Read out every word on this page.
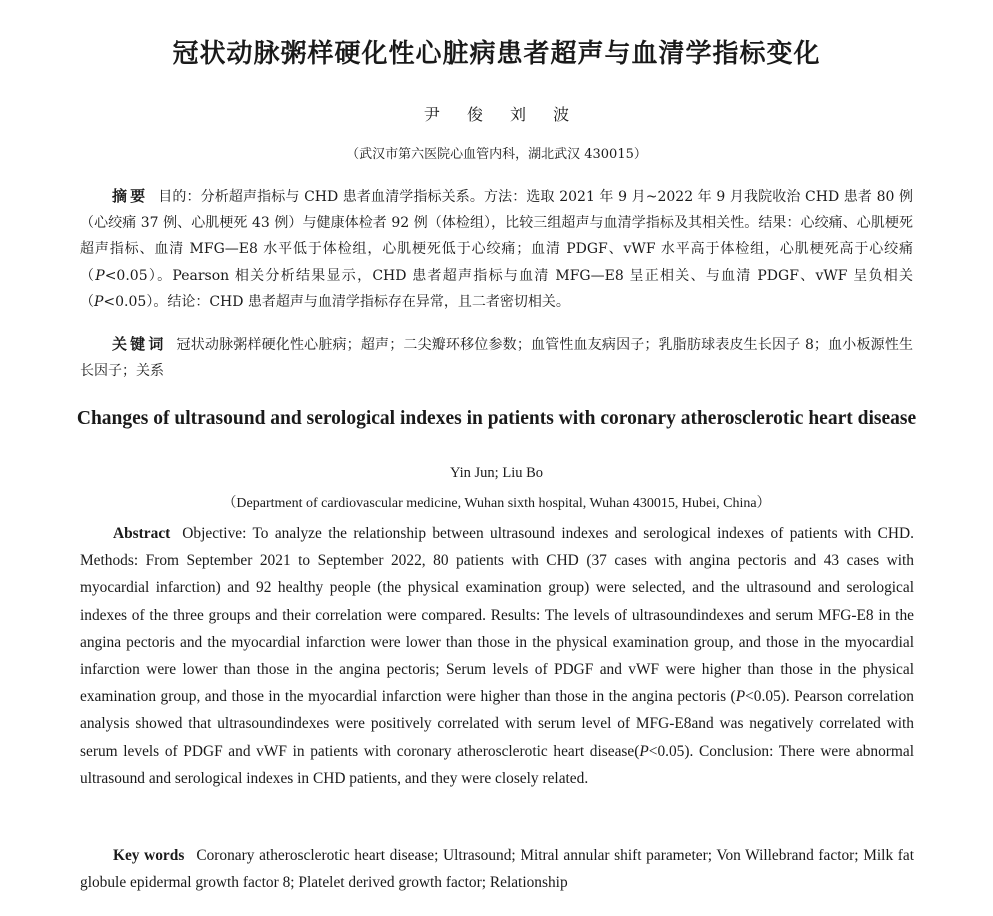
冠状动脉粥样硬化性心脏病患者超声与血清学指标变化
尹 俊 刘 波
（武汉市第六医院心血管内科，湖北武汉 430015）

摘要 目的：分析超声指标与 CHD 患者血清学指标关系。方法：选取 2021 年 9 月~2022 年 9 月我院收治 CHD 患者 80 例（心绞痛 37 例、心肌梗死 43 例）与健康体检者 92 例（体检组），比较三组超声与血清学指标及其相关性。结果：心绞痛、心肌梗死超声指标、血清 MFG—E8 水平低于体检组，心肌梗死低于心绞痛；血清 PDGF、vWF 水平高于体检组，心肌梗死高于心绞痛（P<0.05）。Pearson 相关分析结果显示，CHD 患者超声指标与血清 MFG—E8 呈正相关、与血清 PDGF、vWF 呈负相关（P<0.05）。结论：CHD 患者超声与血清学指标存在异常，且二者密切相关。

关键词 冠状动脉粥样硬化性心脏病；超声；二尖瓣环移位参数；血管性血友病因子；乳脂肪球表皮生长因子 8；血小板源性生长因子；关系

Changes of ultrasound and serological indexes in patients with coronary atherosclerotic heart disease
Yin Jun; Liu Bo
（Department of cardiovascular medicine, Wuhan sixth hospital, Wuhan 430015, Hubei, China）

Abstract Objective: To analyze the relationship between ultrasound indexes and serological indexes of patients with CHD. Methods: From September 2021 to September 2022, 80 patients with CHD (37 cases with angina pectoris and 43 cases with myocardial infarction) and 92 healthy people (the physical examination group) were selected, and the ultrasound and serological indexes of the three groups and their correlation were compared. Results: The levels of ultrasoundindexes and serum MFG-E8 in the angina pectoris and the myocardial infarction were lower than those in the physical examination group, and those in the myocardial infarction were lower than those in the angina pectoris; Serum levels of PDGF and vWF were higher than those in the physical examination group, and those in the myocardial infarction were higher than those in the angina pectoris (P<0.05). Pearson correlation analysis showed that ultrasoundindexes were positively correlated with serum level of MFG-E8and was negatively correlated with serum levels of PDGF and vWF in patients with coronary atherosclerotic heart disease(P<0.05). Conclusion: There were abnormal ultrasound and serological indexes in CHD patients, and they were closely related.

Key words Coronary atherosclerotic heart disease; Ultrasound; Mitral annular shift parameter; Von Willebrand factor; Milk fat globule epidermal growth factor 8; Platelet derived growth factor; Relationship
